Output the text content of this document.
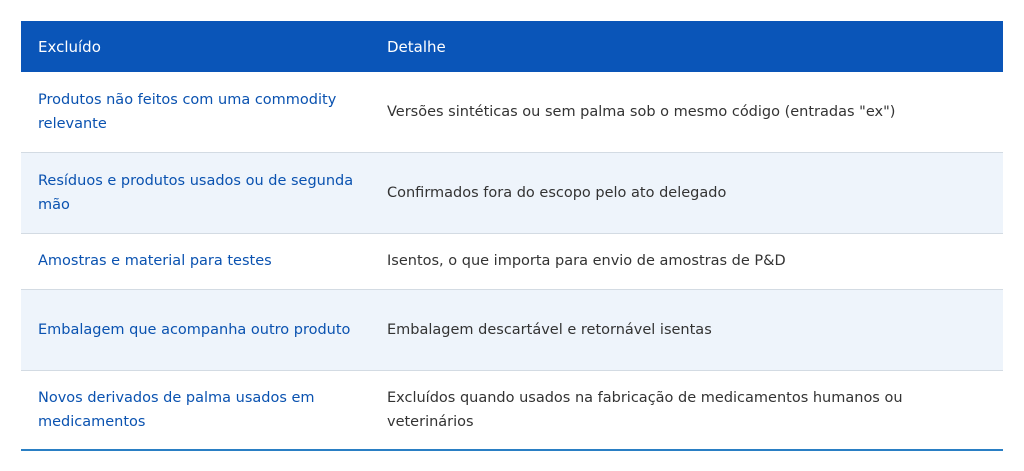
Excluído	Detalhe
Produtos não feitos com uma commodity relevante	Versões sintéticas ou sem palma sob o mesmo código (entradas "ex")
Resíduos e produtos usados ou de segunda mão	Confirmados fora do escopo pelo ato delegado
Amostras e material para testes	Isentos, o que importa para envio de amostras de P&D
Embalagem que acompanha outro produto	Embalagem descartável e retornável isentas
Novos derivados de palma usados em medicamentos	Excluídos quando usados na fabricação de medicamentos humanos ou veterinários
